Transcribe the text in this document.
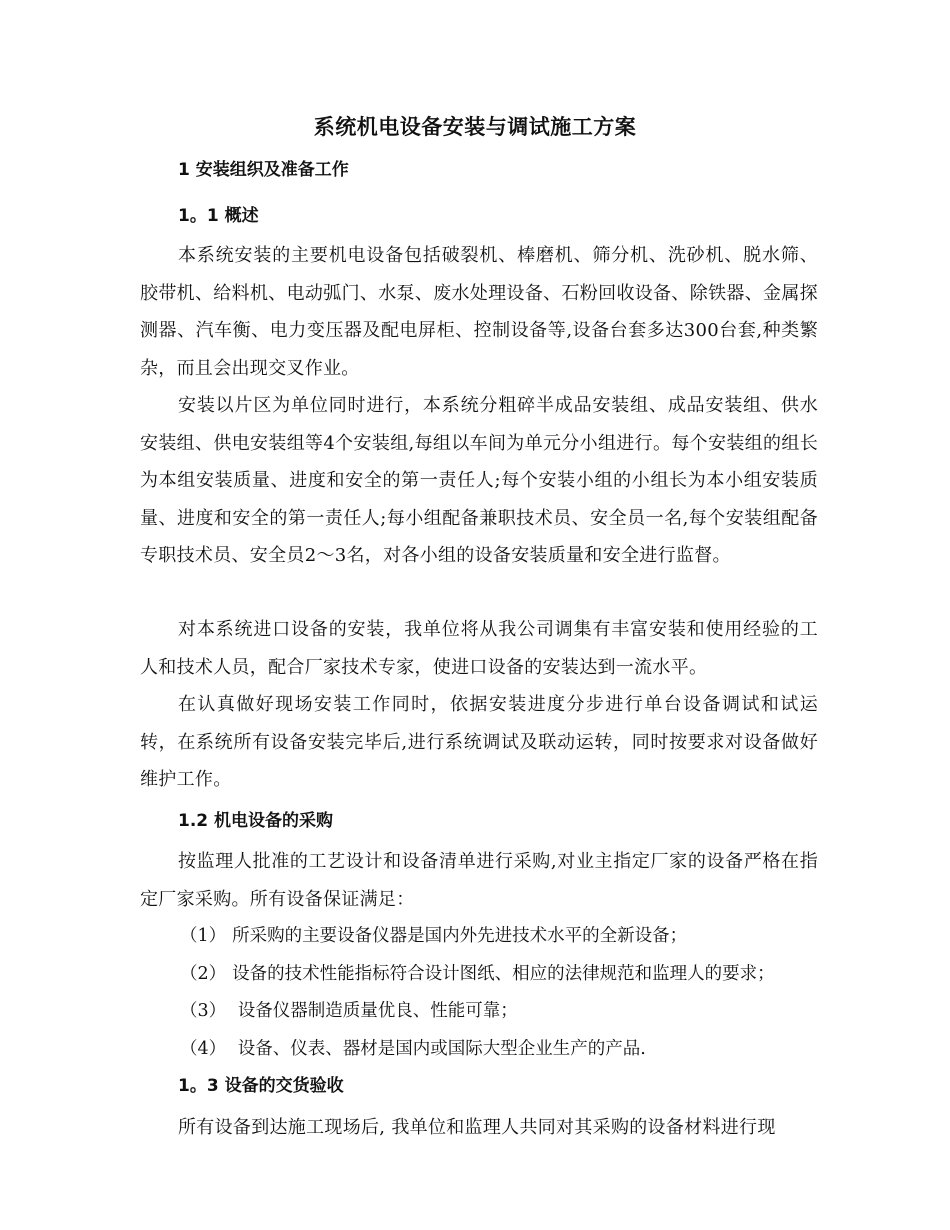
系统机电设备安装与调试施工方案
1 安装组织及准备工作
1。1 概述
本系统安装的主要机电设备包括破裂机、棒磨机、筛分机、洗砂机、脱水筛、胶带机、给料机、电动弧门、水泵、废水处理设备、石粉回收设备、除铁器、金属探测器、汽车衡、电力变压器及配电屏柜、控制设备等,设备台套多达300台套,种类繁杂，而且会出现交叉作业。
安装以片区为单位同时进行，本系统分粗碎半成品安装组、成品安装组、供水安装组、供电安装组等4个安装组,每组以车间为单元分小组进行。每个安装组的组长为本组安装质量、进度和安全的第一责任人;每个安装小组的小组长为本小组安装质量、进度和安全的第一责任人;每小组配备兼职技术员、安全员一名,每个安装组配备专职技术员、安全员2～3名，对各小组的设备安装质量和安全进行监督。
对本系统进口设备的安装，我单位将从我公司调集有丰富安装和使用经验的工人和技术人员，配合厂家技术专家，使进口设备的安装达到一流水平。
在认真做好现场安装工作同时，依据安装进度分步进行单台设备调试和试运转，在系统所有设备安装完毕后,进行系统调试及联动运转，同时按要求对设备做好维护工作。
1.2 机电设备的采购
按监理人批准的工艺设计和设备清单进行采购,对业主指定厂家的设备严格在指定厂家采购。所有设备保证满足：
（1） 所采购的主要设备仪器是国内外先进技术水平的全新设备；
（2） 设备的技术性能指标符合设计图纸、相应的法律规范和监理人的要求；
（3） 设备仪器制造质量优良、性能可靠；
（4） 设备、仪表、器材是国内或国际大型企业生产的产品.
1。3 设备的交货验收
所有设备到达施工现场后, 我单位和监理人共同对其采购的设备材料进行现
